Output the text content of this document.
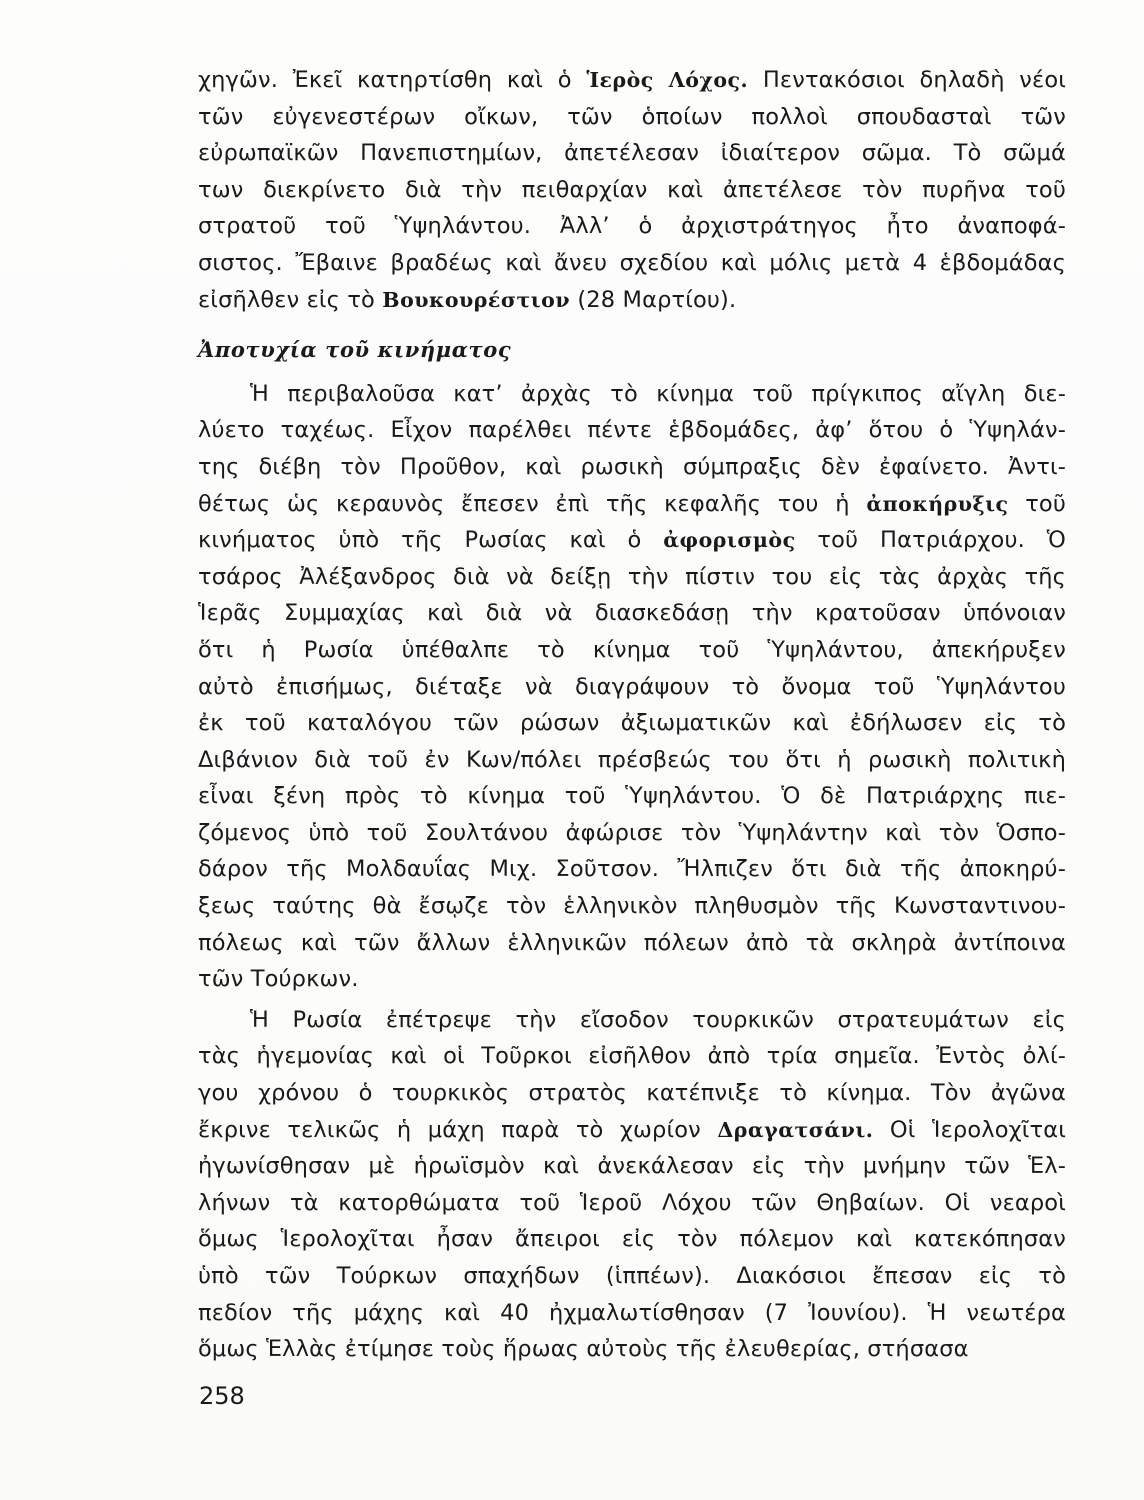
χηγῶν. Ἐκεῖ κατηρτίσθη καὶ ὁ Ἱερὸς Λόχος. Πεντακόσιοι δηλαδὴ νέοι
τῶν εὐγενεστέρων οἴκων, τῶν ὁποίων πολλοὶ σπουδασταὶ τῶν
εὐρωπαϊκῶν Πανεπιστημίων, ἀπετέλεσαν ἰδιαίτερον σῶμα. Τὸ σῶμά
των διεκρίνετο διὰ τὴν πειθαρχίαν καὶ ἀπετέλεσε τὸν πυρῆνα τοῦ
στρατοῦ τοῦ Ὑψηλάντου. Ἀλλ’ ὁ ἀρχιστράτηγος ἦτο ἀναποφά-
σιστος. Ἔβαινε βραδέως καὶ ἄνευ σχεδίου καὶ μόλις μετὰ 4 ἑβδομάδας
εἰσῆλθεν εἰς τὸ Βουκουρέστιον (28 Μαρτίου).
Ἀποτυχία τοῦ κινήματος
Ἡ περιβαλοῦσα κατ’ ἀρχὰς τὸ κίνημα τοῦ πρίγκιπος αἴγλη διε-
λύετο ταχέως. Εἶχον παρέλθει πέντε ἑβδομάδες, ἀφ’ ὅτου ὁ Ὑψηλάν-
της διέβη τὸν Προῦθον, καὶ ρωσικὴ σύμπραξις δὲν ἐφαίνετο. Ἀντι-
θέτως ὡς κεραυνὸς ἔπεσεν ἐπὶ τῆς κεφαλῆς του ἡ ἀποκήρυξις τοῦ
κινήματος ὑπὸ τῆς Ρωσίας καὶ ὁ ἀφορισμὸς τοῦ Πατριάρχου. Ὁ
τσάρος Ἀλέξανδρος διὰ νὰ δείξῃ τὴν πίστιν του εἰς τὰς ἀρχὰς τῆς
Ἱερᾶς Συμμαχίας καὶ διὰ νὰ διασκεδάσῃ τὴν κρατοῦσαν ὑπόνοιαν
ὅτι ἡ Ρωσία ὑπέθαλπε τὸ κίνημα τοῦ Ὑψηλάντου, ἀπεκήρυξεν
αὐτὸ ἐπισήμως, διέταξε νὰ διαγράψουν τὸ ὄνομα τοῦ Ὑψηλάντου
ἐκ τοῦ καταλόγου τῶν ρώσων ἀξιωματικῶν καὶ ἐδήλωσεν εἰς τὸ
Διβάνιον διὰ τοῦ ἐν Κων/πόλει πρέσβεώς του ὅτι ἡ ρωσικὴ πολιτικὴ
εἶναι ξένη πρὸς τὸ κίνημα τοῦ Ὑψηλάντου. Ὁ δὲ Πατριάρχης πιε-
ζόμενος ὑπὸ τοῦ Σουλτάνου ἀφώρισε τὸν Ὑψηλάντην καὶ τὸν Ὁσπο-
δάρον τῆς Μολδαυΐας Μιχ. Σοῦτσον. Ἤλπιζεν ὅτι διὰ τῆς ἀποκηρύ-
ξεως ταύτης θὰ ἔσῳζε τὸν ἑλληνικὸν πληθυσμὸν τῆς Κωνσταντινου-
πόλεως καὶ τῶν ἄλλων ἑλληνικῶν πόλεων ἀπὸ τὰ σκληρὰ ἀντίποινα
τῶν Τούρκων.
Ἡ Ρωσία ἐπέτρεψε τὴν εἴσοδον τουρκικῶν στρατευμάτων εἰς
τὰς ἡγεμονίας καὶ οἱ Τοῦρκοι εἰσῆλθον ἀπὸ τρία σημεῖα. Ἐντὸς ὀλί-
γου χρόνου ὁ τουρκικὸς στρατὸς κατέπνιξε τὸ κίνημα. Τὸν ἀγῶνα
ἔκρινε τελικῶς ἡ μάχη παρὰ τὸ χωρίον Δραγατσάνι. Οἱ Ἱερολοχῖται
ἠγωνίσθησαν μὲ ἡρωϊσμὸν καὶ ἀνεκάλεσαν εἰς τὴν μνήμην τῶν Ἑλ-
λήνων τὰ κατορθώματα τοῦ Ἱεροῦ Λόχου τῶν Θηβαίων. Οἱ νεαροὶ
ὅμως Ἱερολοχῖται ἦσαν ἄπειροι εἰς τὸν πόλεμον καὶ κατεκόπησαν
ὑπὸ τῶν Τούρκων σπαχήδων (ἱππέων). Διακόσιοι ἔπεσαν εἰς τὸ
πεδίον τῆς μάχης καὶ 40 ἠχμαλωτίσθησαν (7 Ἰουνίου). Ἡ νεωτέρα
ὅμως Ἑλλὰς ἐτίμησε τοὺς ἥρωας αὐτοὺς τῆς ἐλευθερίας, στήσασα
258
